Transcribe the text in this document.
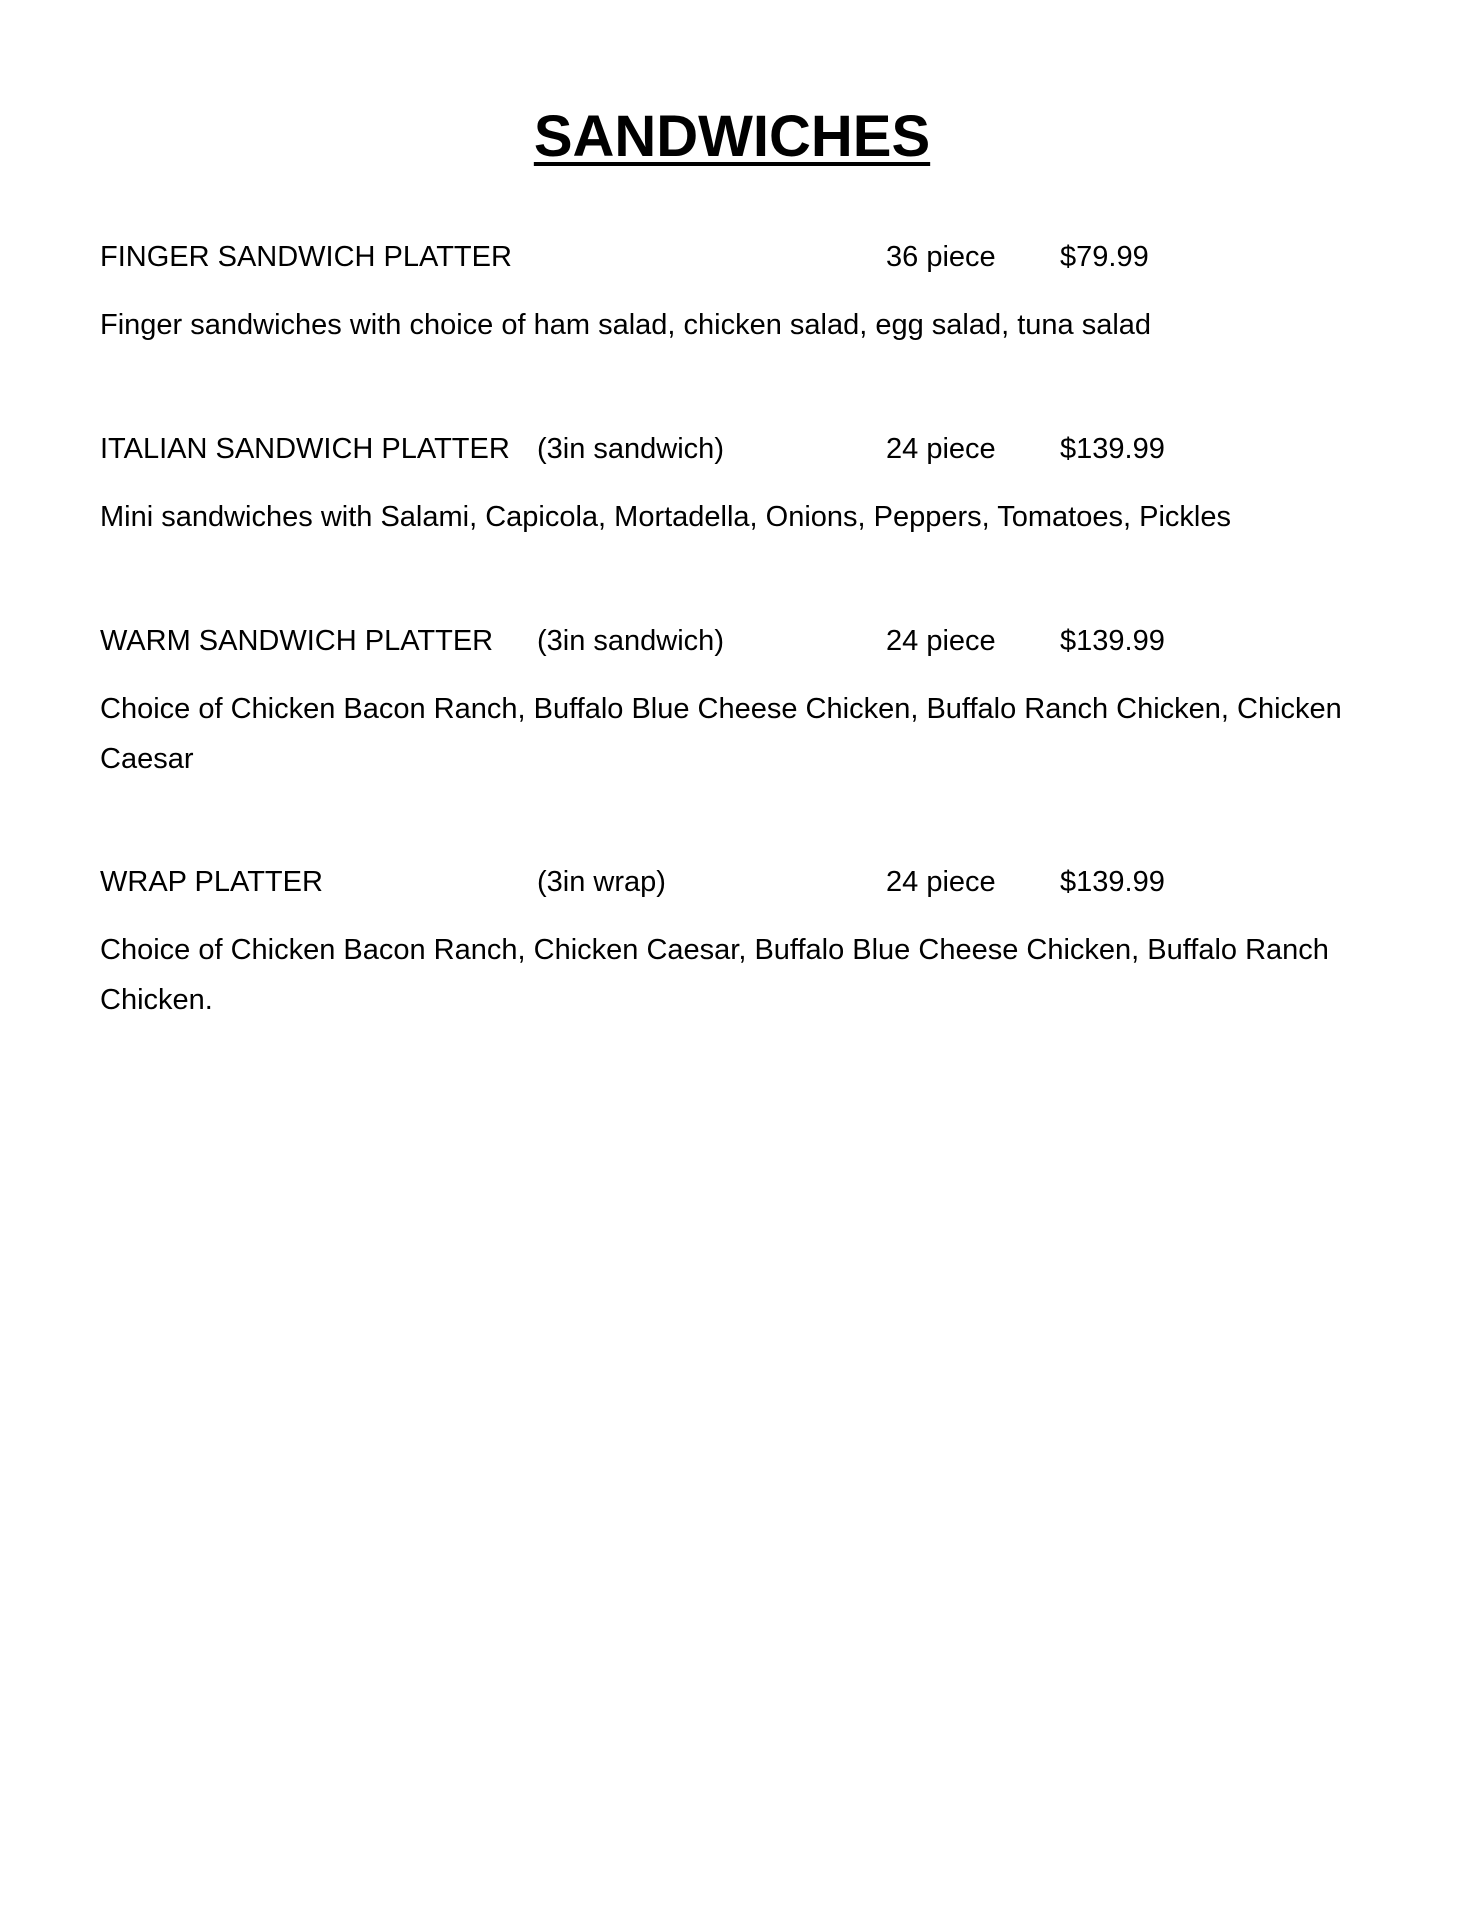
SANDWICHES
FINGER SANDWICH PLATTER	36 piece $79.99
Finger sandwiches with choice of ham salad, chicken salad, egg salad, tuna salad
ITALIAN SANDWICH PLATTER (3in sandwich)	24 piece $139.99
Mini sandwiches with Salami, Capicola, Mortadella, Onions, Peppers, Tomatoes, Pickles
WARM SANDWICH PLATTER (3in sandwich)	24 piece $139.99
Choice of Chicken Bacon Ranch, Buffalo Blue Cheese Chicken, Buffalo Ranch Chicken, Chicken Caesar
WRAP PLATTER	(3in wrap)	24 piece $139.99
Choice of Chicken Bacon Ranch, Chicken Caesar, Buffalo Blue Cheese Chicken, Buffalo Ranch Chicken.
